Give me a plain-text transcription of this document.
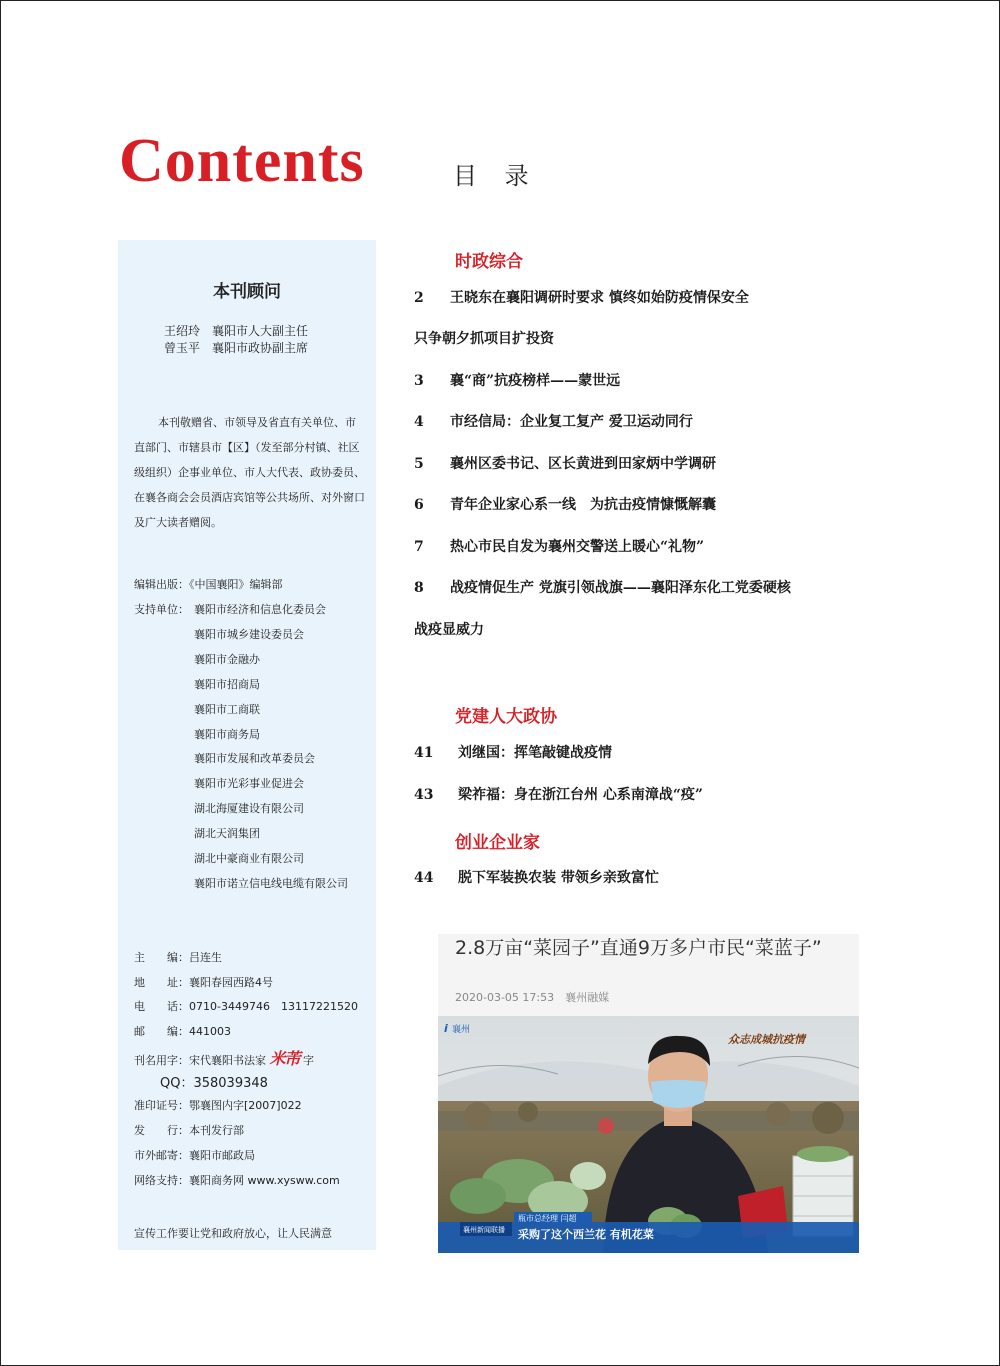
Contents	目 录
本刊顾问
王绍玲　襄阳市人大副主任
曾玉平　襄阳市政协副主席
本刊敬赠省、市领导及省直有关单位、市直部门、市辖县市【区】（发至部分村镇、社区级组织）企事业单位、市人大代表、政协委员、在襄各商会会员酒店宾馆等公共场所、对外窗口及广大读者赠阅。
编辑出版：《中国襄阳》编辑部
支持单位： 襄阳市经济和信息化委员会
襄阳市城乡建设委员会
襄阳市金融办
襄阳市招商局
襄阳市工商联
襄阳市商务局
襄阳市发展和改革委员会
襄阳市光彩事业促进会
湖北海厦建设有限公司
湖北天润集团
湖北中豪商业有限公司
襄阳市诺立信电线电缆有限公司
主　　编：吕连生
地　　址：襄阳春园西路4号
电　　话：0710-3449746　13117221520
邮　　编：441003
刊名用字：宋代襄阳书法家 米芾 字
QQ：358039348
准印证号：鄂襄图内字[2007]022
发　　行：本刊发行部
市外邮寄：襄阳市邮政局
网络支持：襄阳商务网 www.xysww.com
宣传工作要让党和政府放心，让人民满意
时政综合
党建人大政协
创业企业家
2 王晓东在襄阳调研时要求 慎终如始防疫情保安全
只争朝夕抓项目扩投资
3 襄“商”抗疫榜样——蒙世远
4 市经信局：企业复工复产 爱卫运动同行
5 襄州区委书记、区长黄进到田家炳中学调研
6 青年企业家心系一线　为抗击疫情慷慨解囊
7 热心市民自发为襄州交警送上暖心“礼物”
8 战疫情促生产 党旗引领战旗——襄阳泽东化工党委硬核
战疫显威力
41 刘继国：挥笔敲键战疫情
43 梁祚福：身在浙江台州 心系南漳战“疫”
44 脱下军装换农装 带领乡亲致富忙
2.8万亩“菜园子”直通9万多户市民“菜蓝子”
2020-03-05 17:53　襄州融媒
i 襄州
众志成城抗疫情
襄州新闻联播
瓶市总经理 闫超
采购了这个西兰花 有机花菜
